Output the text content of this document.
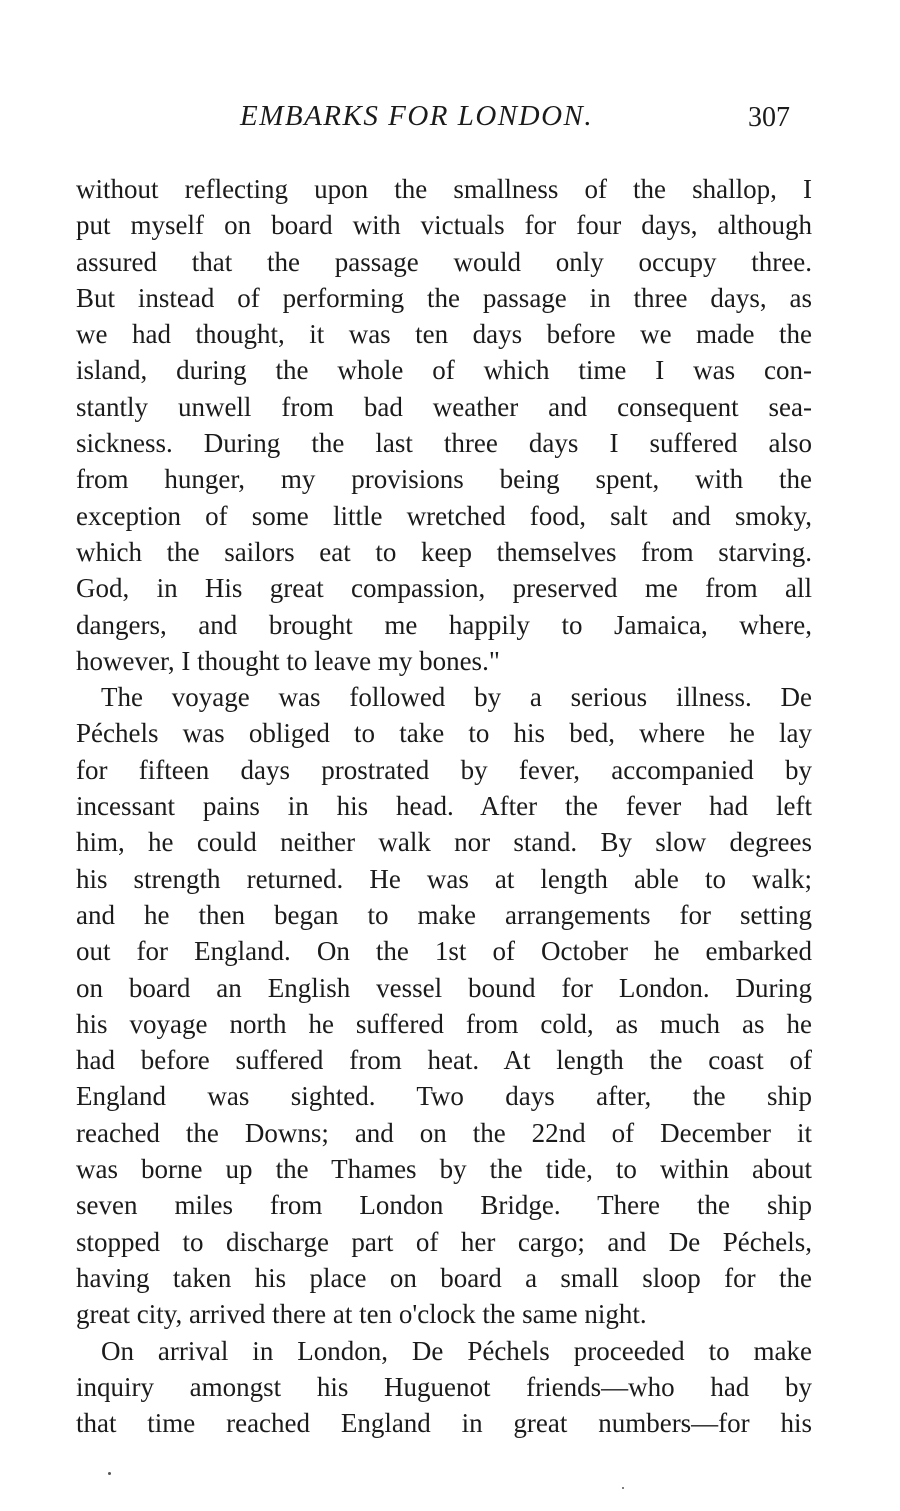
EMBARKS FOR LONDON.	307
without reflecting upon the smallness of the shallop, I
put myself on board with victuals for four days, although
assured that the passage would only occupy three.
But instead of performing the passage in three days, as
we had thought, it was ten days before we made the
island, during the whole of which time I was con-
stantly unwell from bad weather and consequent sea-
sickness. During the last three days I suffered also
from hunger, my provisions being spent, with the
exception of some little wretched food, salt and smoky,
which the sailors eat to keep themselves from starving.
God, in His great compassion, preserved me from all
dangers, and brought me happily to Jamaica, where,
however, I thought to leave my bones."
The voyage was followed by a serious illness. De
Péchels was obliged to take to his bed, where he lay
for fifteen days prostrated by fever, accompanied by
incessant pains in his head. After the fever had left
him, he could neither walk nor stand. By slow degrees
his strength returned. He was at length able to walk;
and he then began to make arrangements for setting
out for England. On the 1st of October he embarked
on board an English vessel bound for London. During
his voyage north he suffered from cold, as much as he
had before suffered from heat. At length the coast of
England was sighted. Two days after, the ship
reached the Downs; and on the 22nd of December it
was borne up the Thames by the tide, to within about
seven miles from London Bridge. There the ship
stopped to discharge part of her cargo; and De Péchels,
having taken his place on board a small sloop for the
great city, arrived there at ten o'clock the same night.
On arrival in London, De Péchels proceeded to make
inquiry amongst his Huguenot friends—who had by
that time reached England in great numbers—for his
